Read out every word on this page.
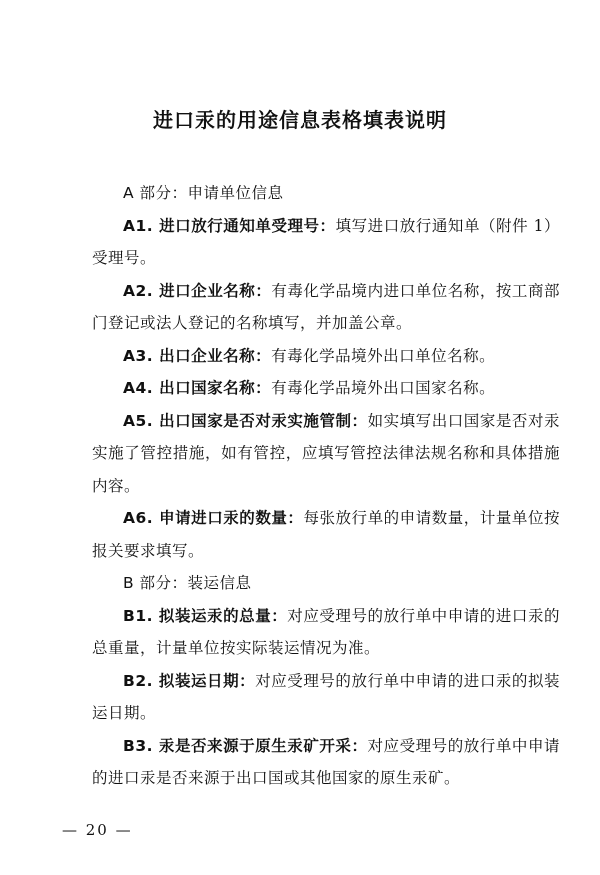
进口汞的用途信息表格填表说明

A 部分：申请单位信息

A1. 进口放行通知单受理号：填写进口放行通知单（附件 1）受理号。

A2. 进口企业名称：有毒化学品境内进口单位名称，按工商部门登记或法人登记的名称填写，并加盖公章。

A3. 出口企业名称：有毒化学品境外出口单位名称。

A4. 出口国家名称：有毒化学品境外出口国家名称。

A5. 出口国家是否对汞实施管制：如实填写出口国家是否对汞实施了管控措施，如有管控，应填写管控法律法规名称和具体措施内容。

A6. 申请进口汞的数量：每张放行单的申请数量，计量单位按报关要求填写。

B 部分：装运信息

B1. 拟装运汞的总量：对应受理号的放行单中申请的进口汞的总重量，计量单位按实际装运情况为准。

B2. 拟装运日期：对应受理号的放行单中申请的进口汞的拟装运日期。

B3. 汞是否来源于原生汞矿开采：对应受理号的放行单中申请的进口汞是否来源于出口国或其他国家的原生汞矿。

— 20 —
